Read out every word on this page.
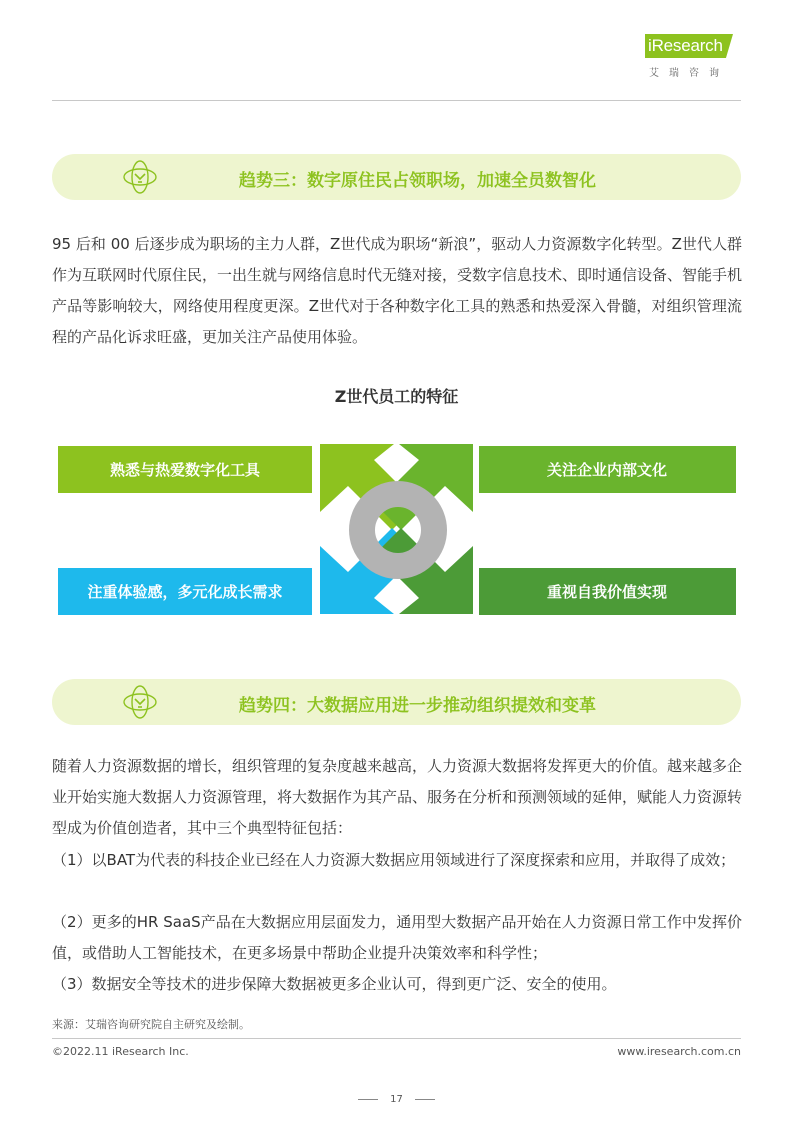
iResearch
艾瑞咨询
趋势三：数字原住民占领职场，加速全员数智化

95 后和 00 后逐步成为职场的主力人群，Z世代成为职场“新浪”，驱动人力资源数字化转型。Z世代人群作为互联网时代原住民，一出生就与网络信息时代无缝对接，受数字信息技术、即时通信设备、智能手机产品等影响较大，网络使用程度更深。Z世代对于各种数字化工具的熟悉和热爱深入骨髓，对组织管理流程的产品化诉求旺盛，更加关注产品使用体验。

Z世代员工的特征
熟悉与热爱数字化工具	关注企业内部文化
注重体验感，多元化成长需求	重视自我价值实现
趋势四：大数据应用进一步推动组织提效和变革

随着人力资源数据的增长，组织管理的复杂度越来越高，人力资源大数据将发挥更大的价值。越来越多企业开始实施大数据人力资源管理，将大数据作为其产品、服务在分析和预测领域的延伸，赋能人力资源转型成为价值创造者，其中三个典型特征包括：

（1）以BAT为代表的科技企业已经在人力资源大数据应用领域进行了深度探索和应用，并取得了成效；

（2）更多的HR SaaS产品在大数据应用层面发力，通用型大数据产品开始在人力资源日常工作中发挥价值，或借助人工智能技术，在更多场景中帮助企业提升决策效率和科学性；

（3）数据安全等技术的进步保障大数据被更多企业认可，得到更广泛、安全的使用。

来源：艾瑞咨询研究院自主研究及绘制。
©2022.11 iResearch Inc.	www.iresearch.com.cn
17
